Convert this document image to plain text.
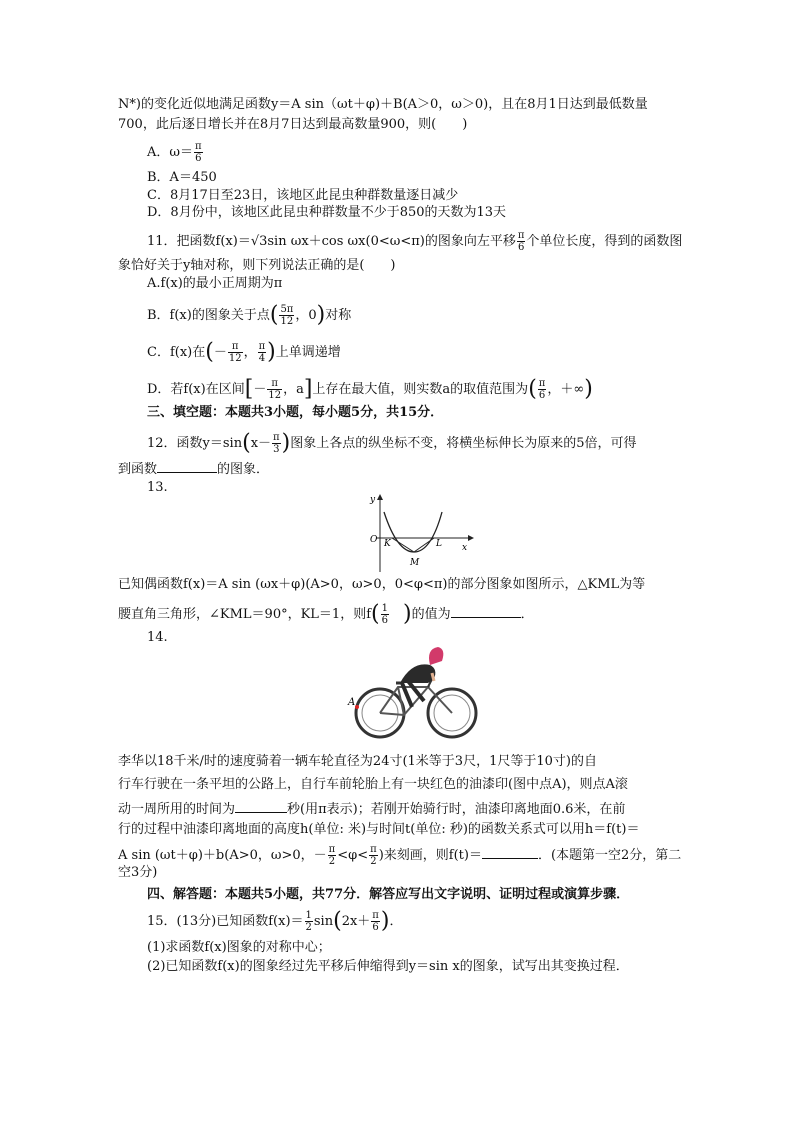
N*)的变化近似地满足函数y＝A sin（ωt＋φ)＋B(A＞0，ω＞0)，且在8月1日达到最低数量
700，此后逐日增长并在8月7日达到最高数量900，则(　　)
A．$\omega= \frac{\pi}{6}$
B．A＝450
C．8月17日至23日，该地区此昆虫种群数量逐日减少
D．8月份中，该地区此昆虫种群数量不少于850的天数为13天
11．把函数f(x)＝√3sin ωx＋cos ωx(0<ω<π)的图象向左平移 $\frac{\pi}{6}$ 个单位长度，得到的函数图
象恰好关于y轴对称，则下列说法正确的是(　　)
A.f(x)的最小正周期为π
B．f(x)的图象关于点( $\frac{5\pi}{12}$ ，0)对称
C．f(x)在(－ $\frac{\pi}{12}$ ， $\frac{\pi}{4}$ )上单调递增
D．若f(x)在区间[－ $\frac{\pi}{12}$ ，a]上存在最大值，则实数a的取值范围为( $\frac{\pi}{6}$ ，＋∞)
三、填空题：本题共3小题，每小题5分，共15分．
12．函数$y=\sin(x- \frac{\pi}{3}$ )图象上各点的纵坐标不变，将横坐标伸长为原来的5倍，可得
到函数	的图象．
13.
O K	L
M
y
x
已知偶函数f(x)＝A sin (ωx＋φ)(A>0，ω>0，0<φ<π)的部分图象如图所示，△KML为等
腰直角三角形，∠KML＝90°，KL＝1，则$f( \frac{1}{6}$
　 )的值为	．
14.
A
李华以18千米/时的速度骑着一辆车轮直径为24寸(1米等于3尺，1尺等于10寸)的自
行车行驶在一条平坦的公路上，自行车前轮胎上有一块红色的油漆印(图中点A)，则点A滚
动一周所用的时间为	秒(用π表示)；若刚开始骑行时，油漆印离地面0.6米，在前
行的过程中油漆印离地面的高度h(单位: 米)与时间t(单位: 秒)的函数关系式可以用h＝f(t)＝
A sin (ωt＋φ)＋b(A>0，ω>0，－ $\frac{\pi}{2} <\varphi< \frac{\pi}{2}$ )来刻画，则f(t)＝	．(本题第一空2分，第二
空3分)
四、解答题：本题共5小题，共77分．解答应写出文字说明、证明过程或演算步骤．
15．(13分)已知函数$f(x)= \frac{1}{2} \sin(2x+ \frac{\pi}{6}$ )．
(1)求函数f(x)图象的对称中心；
(2)已知函数f(x)的图象经过先平移后伸缩得到y＝sin x的图象，试写出其变换过程．
